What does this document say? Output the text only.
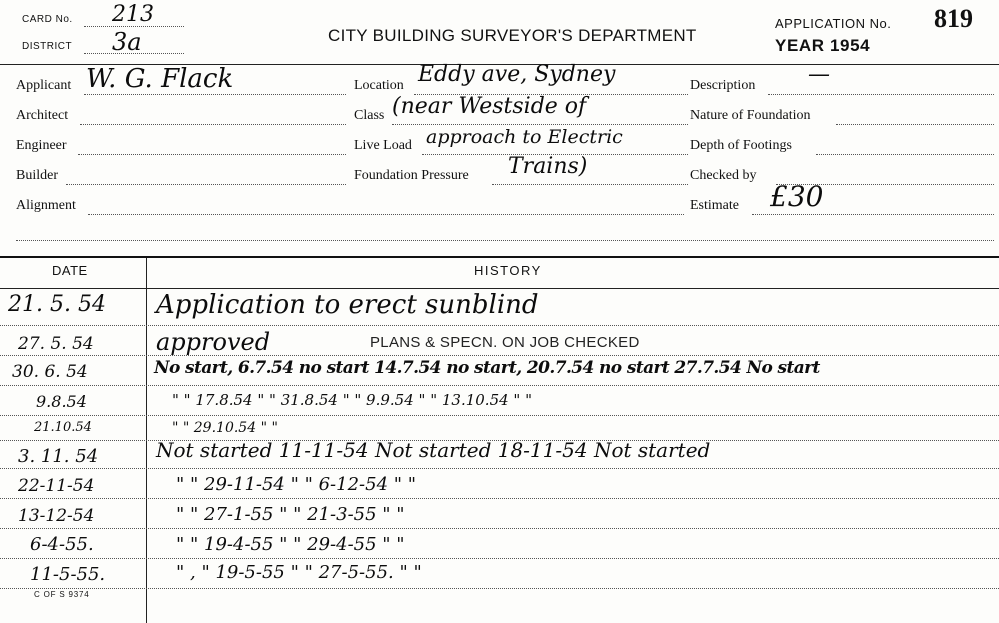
CARD No. 213
DISTRICT 3a	CITY BUILDING SURVEYOR'S DEPARTMENT
APPLICATION No. 819
YEAR 1954
Applicant W. G. Flack
Architect
Engineer
Builder
Alignment
Location Eddy ave, Sydney
Class (near Westside of
Live Load approach to Electric
Foundation Pressure Trains)
Description —
Nature of Foundation
Depth of Footings
Checked by
Estimate £30
DATE	HISTORY
21. 5. 54 Application to erect sunblind
27. 5. 54	approved	PLANS & SPECN. ON JOB CHECKED
30. 6. 54	No start, 6.7.54 no start 14.7.54 no start, 20.7.54 no start 27.7.54 No start
9.8.54	" " 17.8.54 " " 31.8.54 " " 9.9.54 " " 13.10.54 " "
21.10.54	" " 29.10.54 " "
3. 11. 54	Not started 11-11-54 Not started 18-11-54 Not started
22-11-54	" " 29-11-54 " " 6-12-54 " "
13-12-54	" " 27-1-55 " " 21-3-55 " "
6-4-55.	" " 19-4-55 " " 29-4-55 " "
11-5-55.	" , " 19-5-55 " " 27-5-55. " "
C OF S 9374
